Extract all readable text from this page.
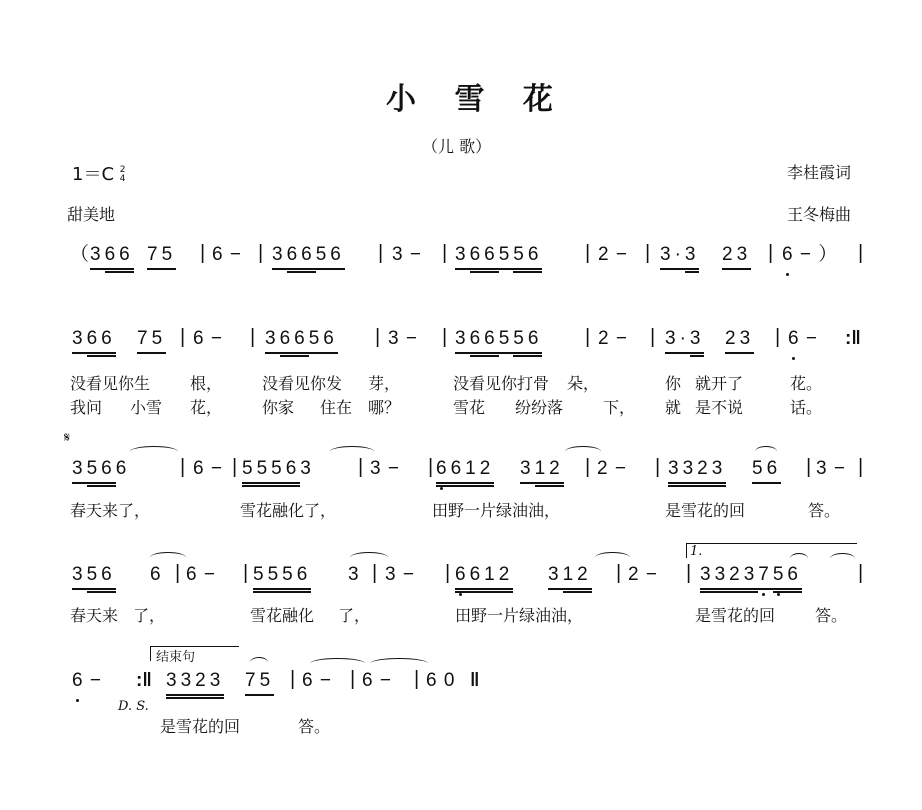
小 雪 花
（儿 歌）
1＝C 2
4	李桂霞词
甜美地	王冬梅曲
（
366 75 | 6 − | 36656 | 3 − | 366556 | 2 − | 3·3 23 | 6 − ） |
366 75 | 6 − | 36656 | 3 − | 366556 | 2 − | 3·3 23 | 6 − :‖
没看见你生 根， 没看见你发 芽，	没看见你打骨 朵，	你 就开了	花。
我问 小雪 花， 你家 住在 哪？	雪花 纷纷落 下， 就 是不说	话。
𝄋
3566 | 6 − | 55563 | 3 − | 6612 312 | 2 − | 3323 56 | 3 − |
春天来了，	雪花融化了，	田野一片绿油油，	是雪花的回	答。
1.
356 6 | 6 − | 5556 3 | 3 − | 6612 312 | 2 − | 3323756	|
春天来 了，	雪花融化 了，	田野一片绿油油，	是雪花的回 答。
结束句
6 − :‖ 3323 75 | 6 − | 6 − | 6 0 ‖
D. S.
是雪花的回	答。
